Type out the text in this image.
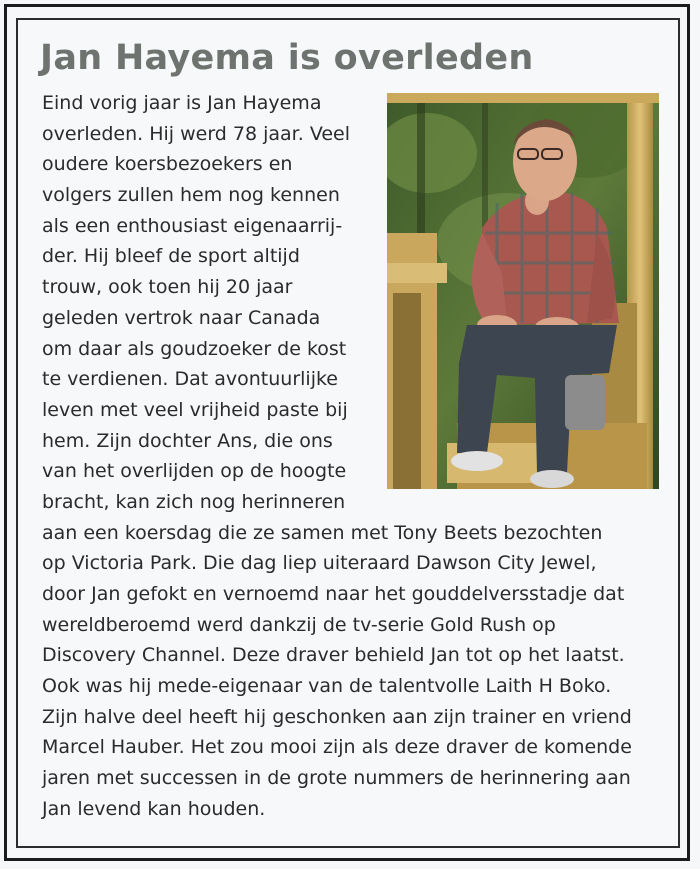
Jan Hayema is overleden
Eind vorig jaar is Jan Hayema
overleden. Hij werd 78 jaar. Veel
oudere koersbezoekers en
volgers zullen hem nog kennen
als een enthousiast eigenaarrij-
der. Hij bleef de sport altijd
trouw, ook toen hij 20 jaar
geleden vertrok naar Canada
om daar als goudzoeker de kost
te verdienen. Dat avontuurlijke
leven met veel vrijheid paste bij
hem. Zijn dochter Ans, die ons
van het overlijden op de hoogte
bracht, kan zich nog herinneren
aan een koersdag die ze samen met Tony Beets bezochten
op Victoria Park. Die dag liep uiteraard Dawson City Jewel,
door Jan gefokt en vernoemd naar het gouddelversstadje dat
wereldberoemd werd dankzij de tv-serie Gold Rush op
Discovery Channel. Deze draver behield Jan tot op het laatst.
Ook was hij mede-eigenaar van de talentvolle Laith H Boko.
Zijn halve deel heeft hij geschonken aan zijn trainer en vriend
Marcel Hauber. Het zou mooi zijn als deze draver de komende
jaren met successen in de grote nummers de herinnering aan
Jan levend kan houden.
